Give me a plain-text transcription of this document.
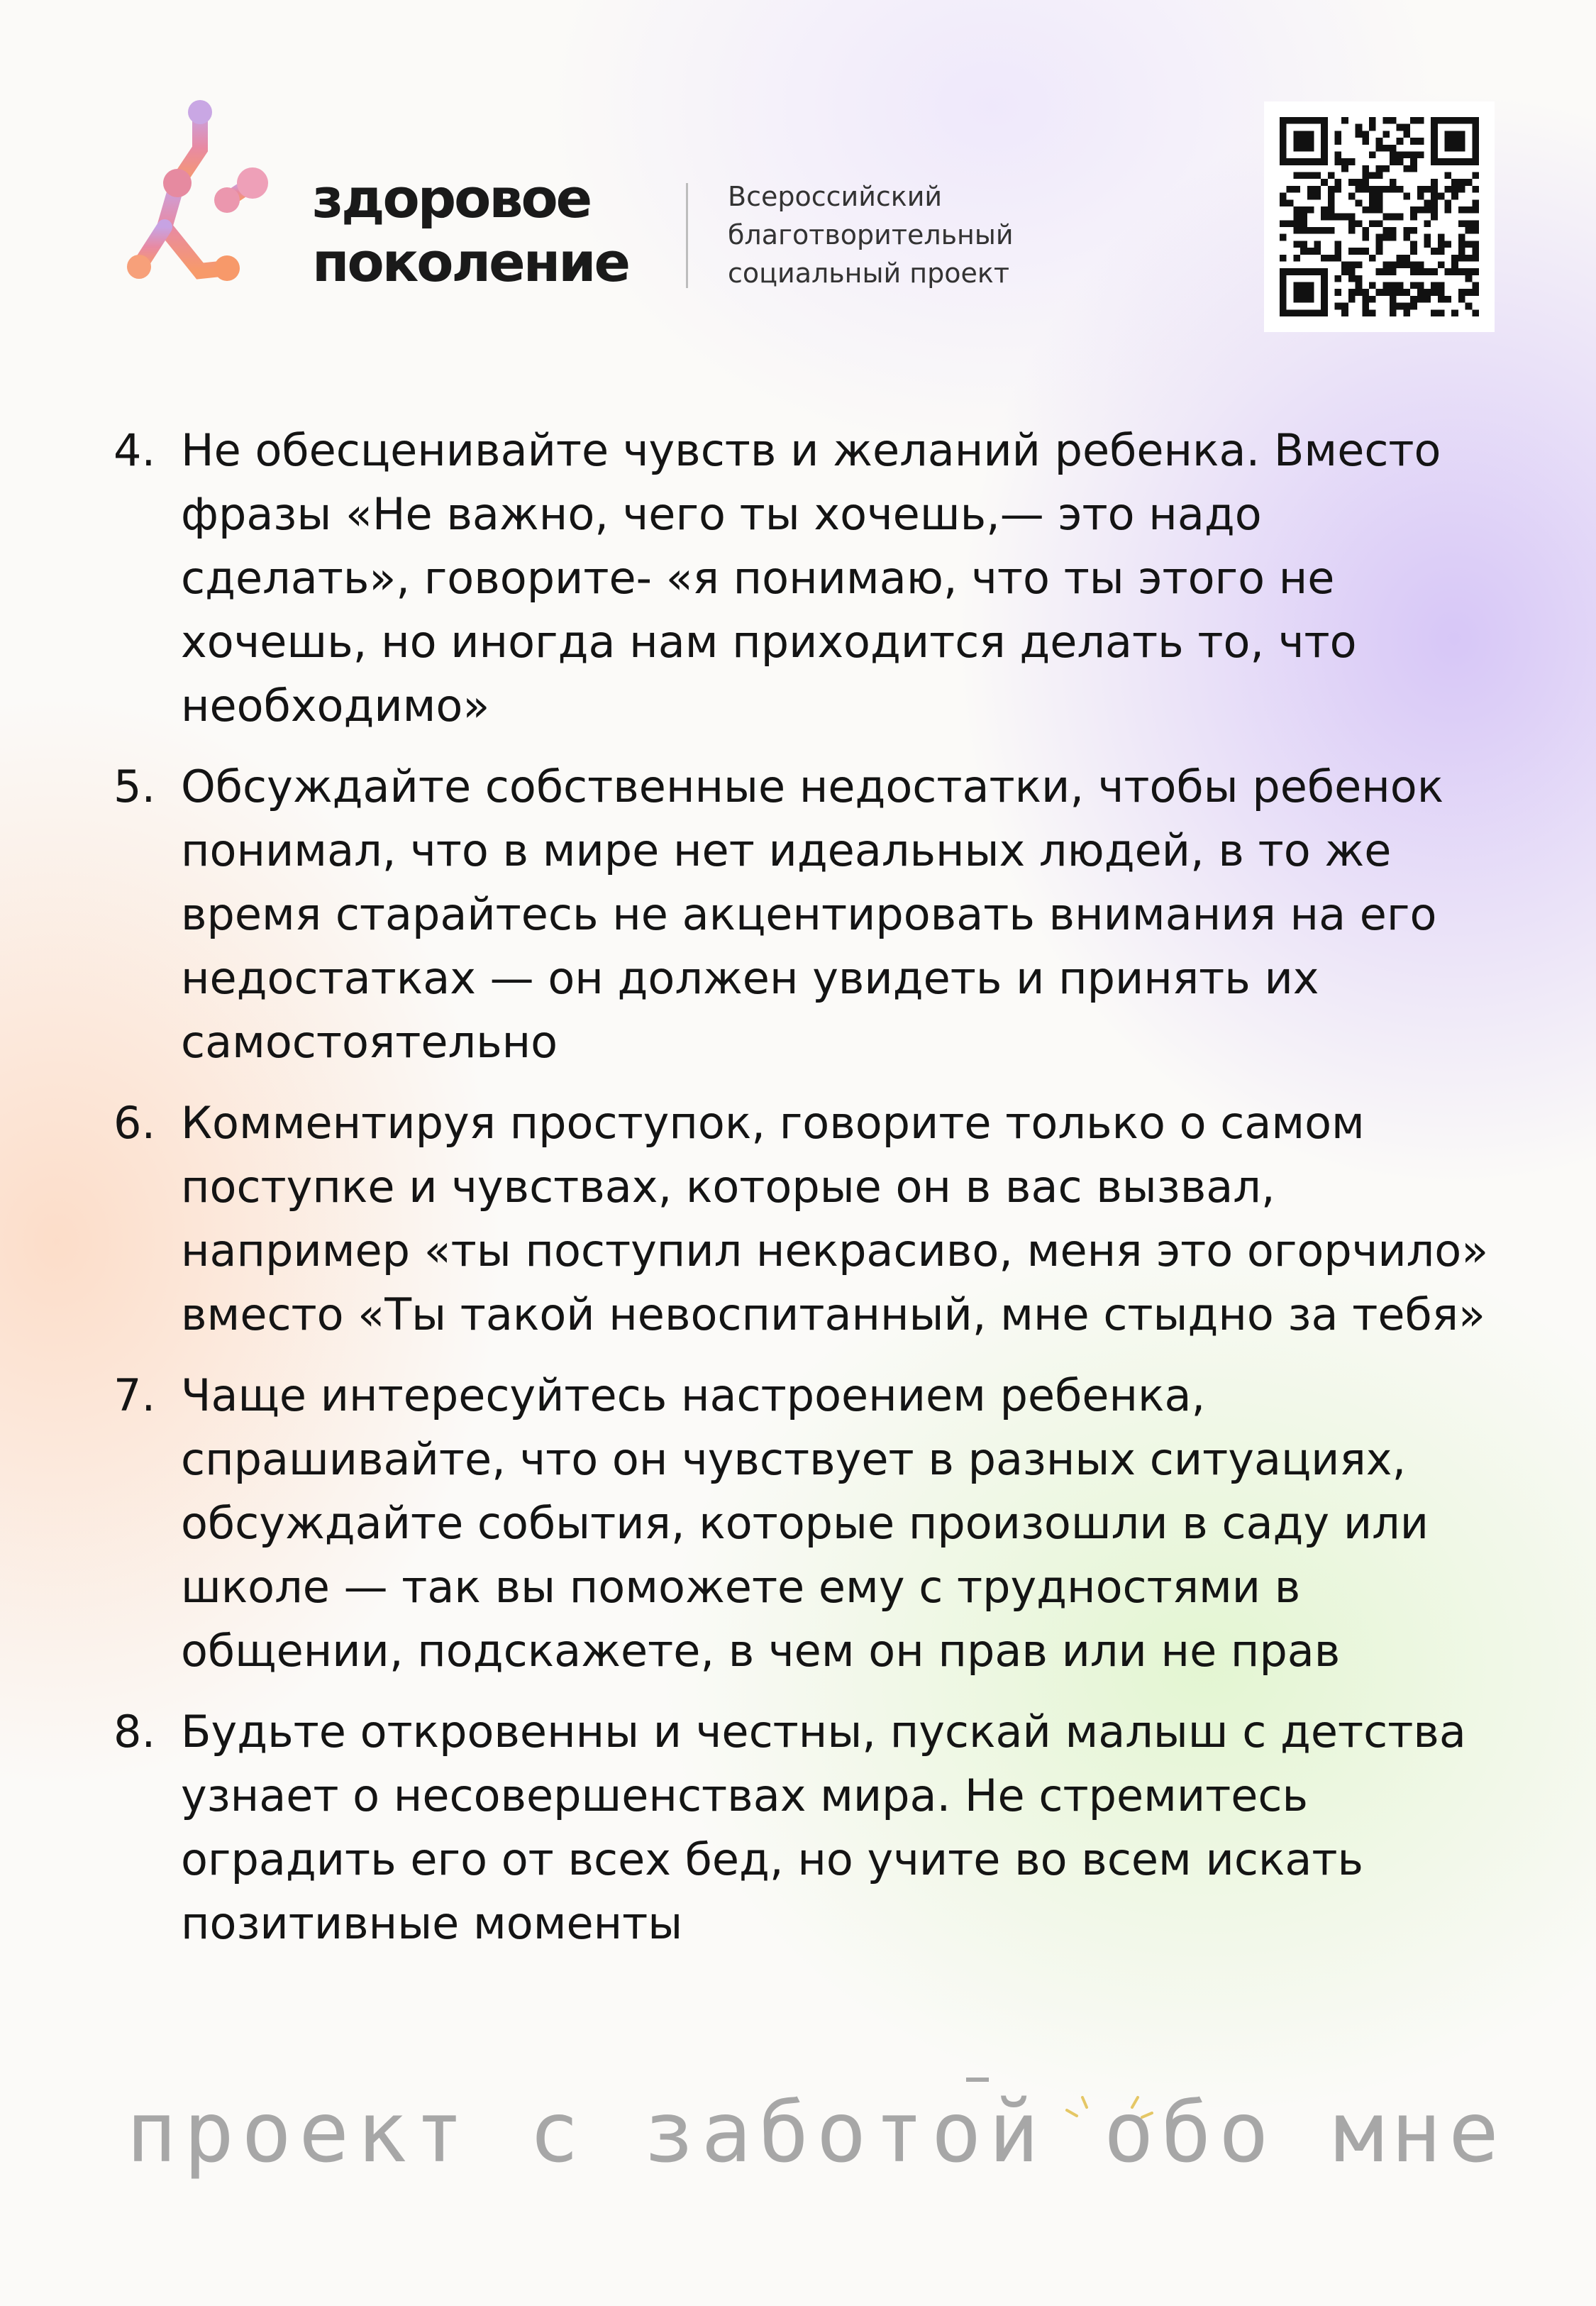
здоровое
поколение
Всероссийский
благотворительный
социальный проект
4. Не обесценивайте чувств и желаний ребенка. Вместо фразы «Не важно, чего ты хочешь,— это надо сделать», говорите- «я понимаю, что ты этого не хочешь, но иногда нам приходится делать то, что необходимо»
5. Обсуждайте собственные недостатки, чтобы ребенок понимал, что в мире нет идеальных людей, в то же время старайтесь не акцентировать внимания на его недостатках — он должен увидеть и принять их самостоятельно
6. Комментируя проступок, говорите только о самом поступке и чувствах, которые он в вас вызвал, например «ты поступил некрасиво, меня это огорчило» вместо «Ты такой невоспитанный, мне стыдно за тебя»
7. Чаще интересуйтесь настроением ребенка, спрашивайте, что он чувствует в разных ситуациях, обсуждайте события, которые произошли в саду или школе — так вы поможете ему с трудностями в общении, подскажете, в чем он прав или не прав
8. Будьте откровенны и честны, пускай малыш с детства узнает о несовершенствах мира. Не стремитесь оградить его от всех бед, но учите во всем искать позитивные моменты
проект с заботой обо мне
